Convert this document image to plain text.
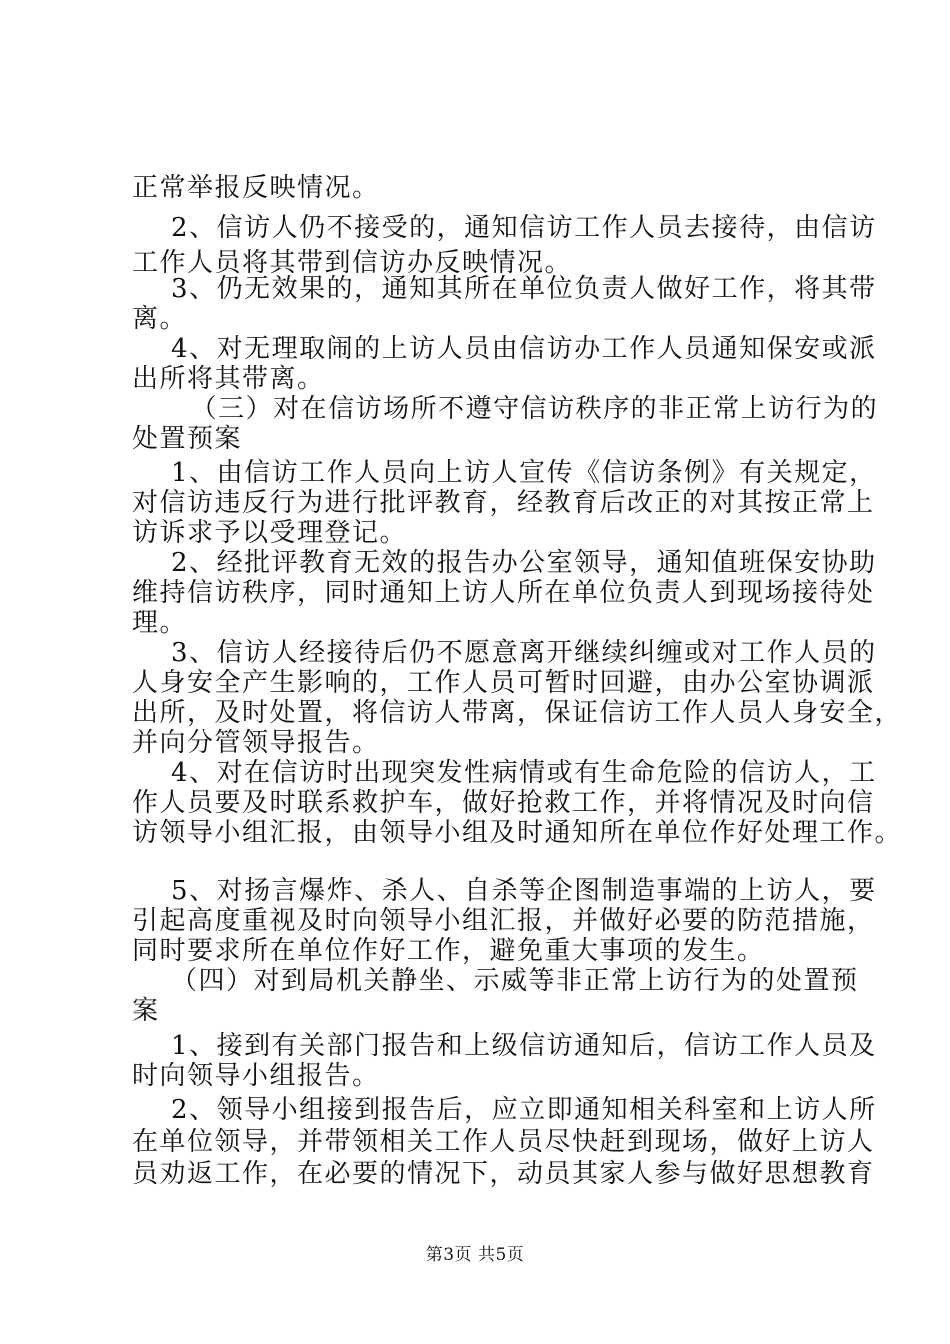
正常举报反映情况。
2、信访人仍不接受的，通知信访工作人员去接待，由信访
工作人员将其带到信访办反映情况。
3、仍无效果的，通知其所在单位负责人做好工作，将其带
离。
4、对无理取闹的上访人员由信访办工作人员通知保安或派
出所将其带离。
（三）对在信访场所不遵守信访秩序的非正常上访行为的
处置预案
1、由信访工作人员向上访人宣传《信访条例》有关规定，
对信访违反行为进行批评教育，经教育后改正的对其按正常上
访诉求予以受理登记。
2、经批评教育无效的报告办公室领导，通知值班保安协助
维持信访秩序，同时通知上访人所在单位负责人到现场接待处
理。
3、信访人经接待后仍不愿意离开继续纠缠或对工作人员的
人身安全产生影响的，工作人员可暂时回避，由办公室协调派
出所，及时处置，将信访人带离，保证信访工作人员人身安全，
并向分管领导报告。
4、对在信访时出现突发性病情或有生命危险的信访人，工
作人员要及时联系救护车，做好抢救工作，并将情况及时向信
访领导小组汇报，由领导小组及时通知所在单位作好处理工作。
5、对扬言爆炸、杀人、自杀等企图制造事端的上访人，要
引起高度重视及时向领导小组汇报，并做好必要的防范措施，
同时要求所在单位作好工作，避免重大事项的发生。
（四）对到局机关静坐、示威等非正常上访行为的处置预
案
1、接到有关部门报告和上级信访通知后，信访工作人员及
时向领导小组报告。
2、领导小组接到报告后，应立即通知相关科室和上访人所
在单位领导，并带领相关工作人员尽快赶到现场，做好上访人
员劝返工作，在必要的情况下，动员其家人参与做好思想教育
第3页 共5页
